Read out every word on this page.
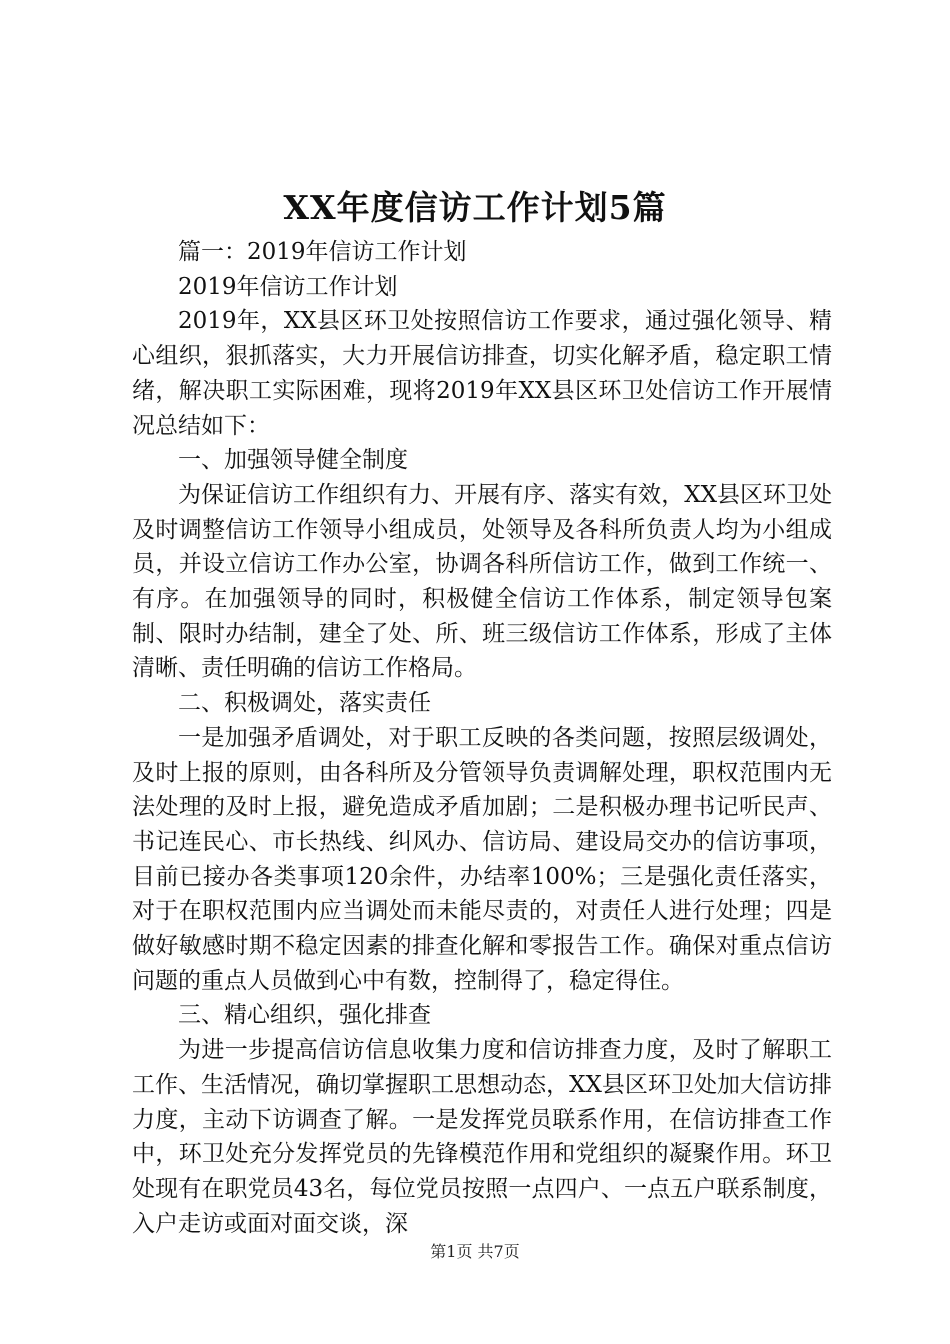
XX年度信访工作计划5篇

篇一：2019年信访工作计划

2019年信访工作计划

2019年，XX县区环卫处按照信访工作要求，通过强化领导、精心组织，狠抓落实，大力开展信访排查，切实化解矛盾，稳定职工情绪，解决职工实际困难，现将2019年XX县区环卫处信访工作开展情况总结如下：

一、加强领导健全制度

为保证信访工作组织有力、开展有序、落实有效，XX县区环卫处及时调整信访工作领导小组成员，处领导及各科所负责人均为小组成员，并设立信访工作办公室，协调各科所信访工作，做到工作统一、有序。在加强领导的同时，积极健全信访工作体系，制定领导包案制、限时办结制，建全了处、所、班三级信访工作体系，形成了主体清晰、责任明确的信访工作格局。

二、积极调处，落实责任

一是加强矛盾调处，对于职工反映的各类问题，按照层级调处，及时上报的原则，由各科所及分管领导负责调解处理，职权范围内无法处理的及时上报，避免造成矛盾加剧；二是积极办理书记听民声、书记连民心、市长热线、纠风办、信访局、建设局交办的信访事项，目前已接办各类事项120余件，办结率100%；三是强化责任落实，对于在职权范围内应当调处而未能尽责的，对责任人进行处理；四是做好敏感时期不稳定因素的排查化解和零报告工作。确保对重点信访问题的重点人员做到心中有数，控制得了，稳定得住。

三、精心组织，强化排查

为进一步提高信访信息收集力度和信访排查力度，及时了解职工工作、生活情况，确切掌握职工思想动态，XX县区环卫处加大信访排力度，主动下访调查了解。一是发挥党员联系作用，在信访排查工作中，环卫处充分发挥党员的先锋模范作用和党组织的凝聚作用。环卫处现有在职党员43名，每位党员按照一点四户、一点五户联系制度，入户走访或面对面交谈，深

第1页 共7页
